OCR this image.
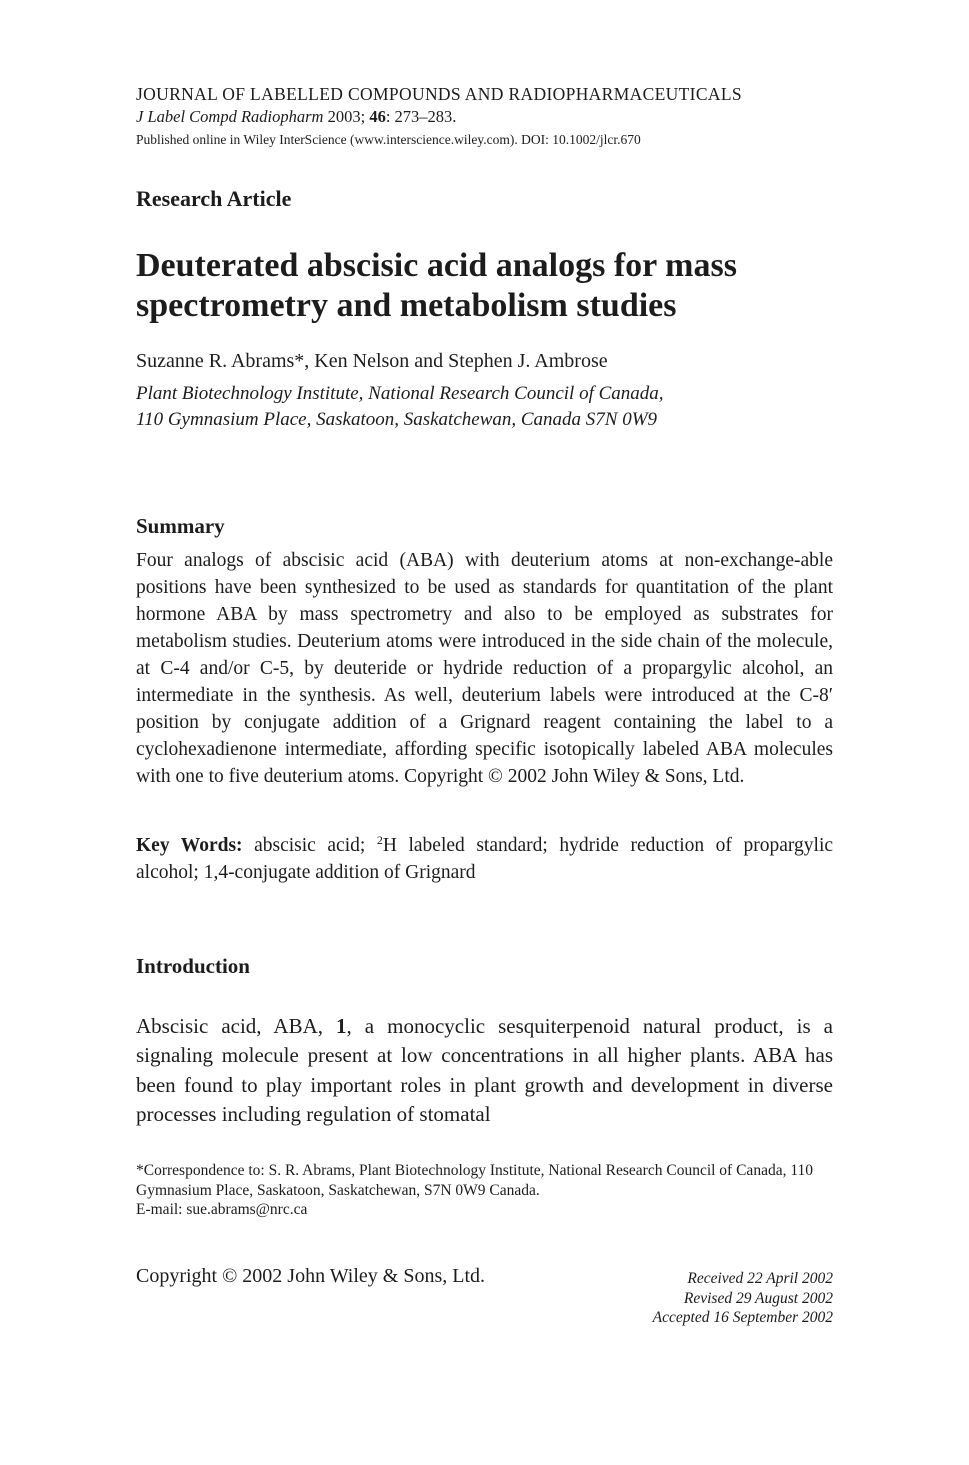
JOURNAL OF LABELLED COMPOUNDS AND RADIOPHARMACEUTICALS
J Label Compd Radiopharm 2003; 46: 273–283.
Published online in Wiley InterScience (www.interscience.wiley.com). DOI: 10.1002/jlcr.670
Research Article
Deuterated abscisic acid analogs for mass spectrometry and metabolism studies
Suzanne R. Abrams*, Ken Nelson and Stephen J. Ambrose
Plant Biotechnology Institute, National Research Council of Canada,
110 Gymnasium Place, Saskatoon, Saskatchewan, Canada S7N 0W9
Summary
Four analogs of abscisic acid (ABA) with deuterium atoms at non-exchange-able positions have been synthesized to be used as standards for quantitation of the plant hormone ABA by mass spectrometry and also to be employed as substrates for metabolism studies. Deuterium atoms were introduced in the side chain of the molecule, at C-4 and/or C-5, by deuteride or hydride reduction of a propargylic alcohol, an intermediate in the synthesis. As well, deuterium labels were introduced at the C-8′ position by conjugate addition of a Grignard reagent containing the label to a cyclohexadienone intermediate, affording specific isotopically labeled ABA molecules with one to five deuterium atoms. Copyright © 2002 John Wiley & Sons, Ltd.
Key Words: abscisic acid; $^2$H labeled standard; hydride reduction of propargylic alcohol; 1,4-conjugate addition of Grignard
Introduction
Abscisic acid, ABA, 1, a monocyclic sesquiterpenoid natural product, is a signaling molecule present at low concentrations in all higher plants. ABA has been found to play important roles in plant growth and development in diverse processes including regulation of stomatal
*Correspondence to: S. R. Abrams, Plant Biotechnology Institute, National Research Council of Canada, 110 Gymnasium Place, Saskatoon, Saskatchewan, S7N 0W9 Canada.
E-mail: sue.abrams@nrc.ca
Copyright © 2002 John Wiley & Sons, Ltd.	Received 22 April 2002
Revised 29 August 2002
Accepted 16 September 2002
